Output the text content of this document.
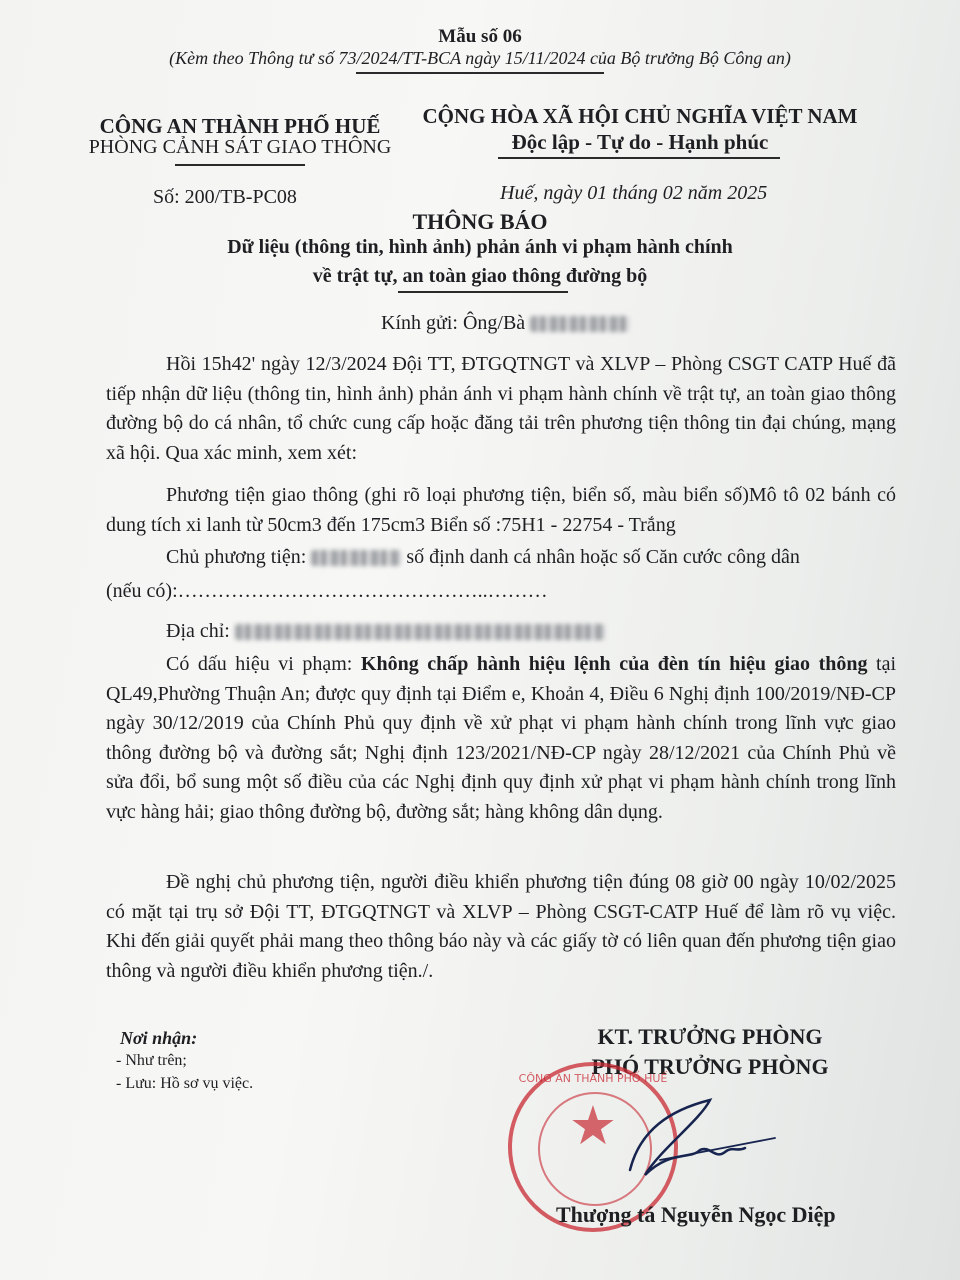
Mẫu số 06
(Kèm theo Thông tư số 73/2024/TT-BCA ngày 15/11/2024 của Bộ trưởng Bộ Công an)
CÔNG AN THÀNH PHỐ HUẾ
PHÒNG CẢNH SÁT GIAO THÔNG
Số: 200/TB-PC08
CỘNG HÒA XÃ HỘI CHỦ NGHĨA VIỆT NAM
Độc lập - Tự do - Hạnh phúc
Huế, ngày 01 tháng 02 năm 2025
THÔNG BÁO
Dữ liệu (thông tin, hình ảnh) phản ánh vi phạm hành chính
về trật tự, an toàn giao thông đường bộ
Kính gửi: Ông/Bà
Hồi 15h42' ngày 12/3/2024 Đội TT, ĐTGQTNGT và XLVP – Phòng CSGT CATP Huế đã tiếp nhận dữ liệu (thông tin, hình ảnh) phản ánh vi phạm hành chính về trật tự, an toàn giao thông đường bộ do cá nhân, tổ chức cung cấp hoặc đăng tải trên phương tiện thông tin đại chúng, mạng xã hội. Qua xác minh, xem xét:
Phương tiện giao thông (ghi rõ loại phương tiện, biển số, màu biển số)Mô tô 02 bánh có dung tích xi lanh từ 50cm3 đến 175cm3 Biển số :75H1 - 22754 - Trắng
Chủ phương tiện:	số định danh cá nhân hoặc số Căn cước công dân
(nếu có):………………………………………..………
Địa chỉ:
Có dấu hiệu vi phạm: Không chấp hành hiệu lệnh của đèn tín hiệu giao thông tại QL49,Phường Thuận An; được quy định tại Điểm e, Khoản 4, Điều 6 Nghị định 100/2019/NĐ-CP ngày 30/12/2019 của Chính Phủ quy định về xử phạt vi phạm hành chính trong lĩnh vực giao thông đường bộ và đường sắt; Nghị định 123/2021/NĐ-CP ngày 28/12/2021 của Chính Phủ về sửa đổi, bổ sung một số điều của các Nghị định quy định xử phạt vi phạm hành chính trong lĩnh vực hàng hải; giao thông đường bộ, đường sắt; hàng không dân dụng.
Đề nghị chủ phương tiện, người điều khiển phương tiện đúng 08 giờ 00 ngày 10/02/2025 có mặt tại trụ sở Đội TT, ĐTGQTNGT và XLVP – Phòng CSGT-CATP Huế để làm rõ vụ việc. Khi đến giải quyết phải mang theo thông báo này và các giấy tờ có liên quan đến phương tiện giao thông và người điều khiển phương tiện./.
Nơi nhận:
- Như trên;
- Lưu: Hồ sơ vụ việc.
KT. TRƯỞNG PHÒNG
PHÓ TRƯỞNG PHÒNG
CÔNG AN THÀNH PHỐ HUẾ
★
Thượng tá Nguyễn Ngọc Diệp
